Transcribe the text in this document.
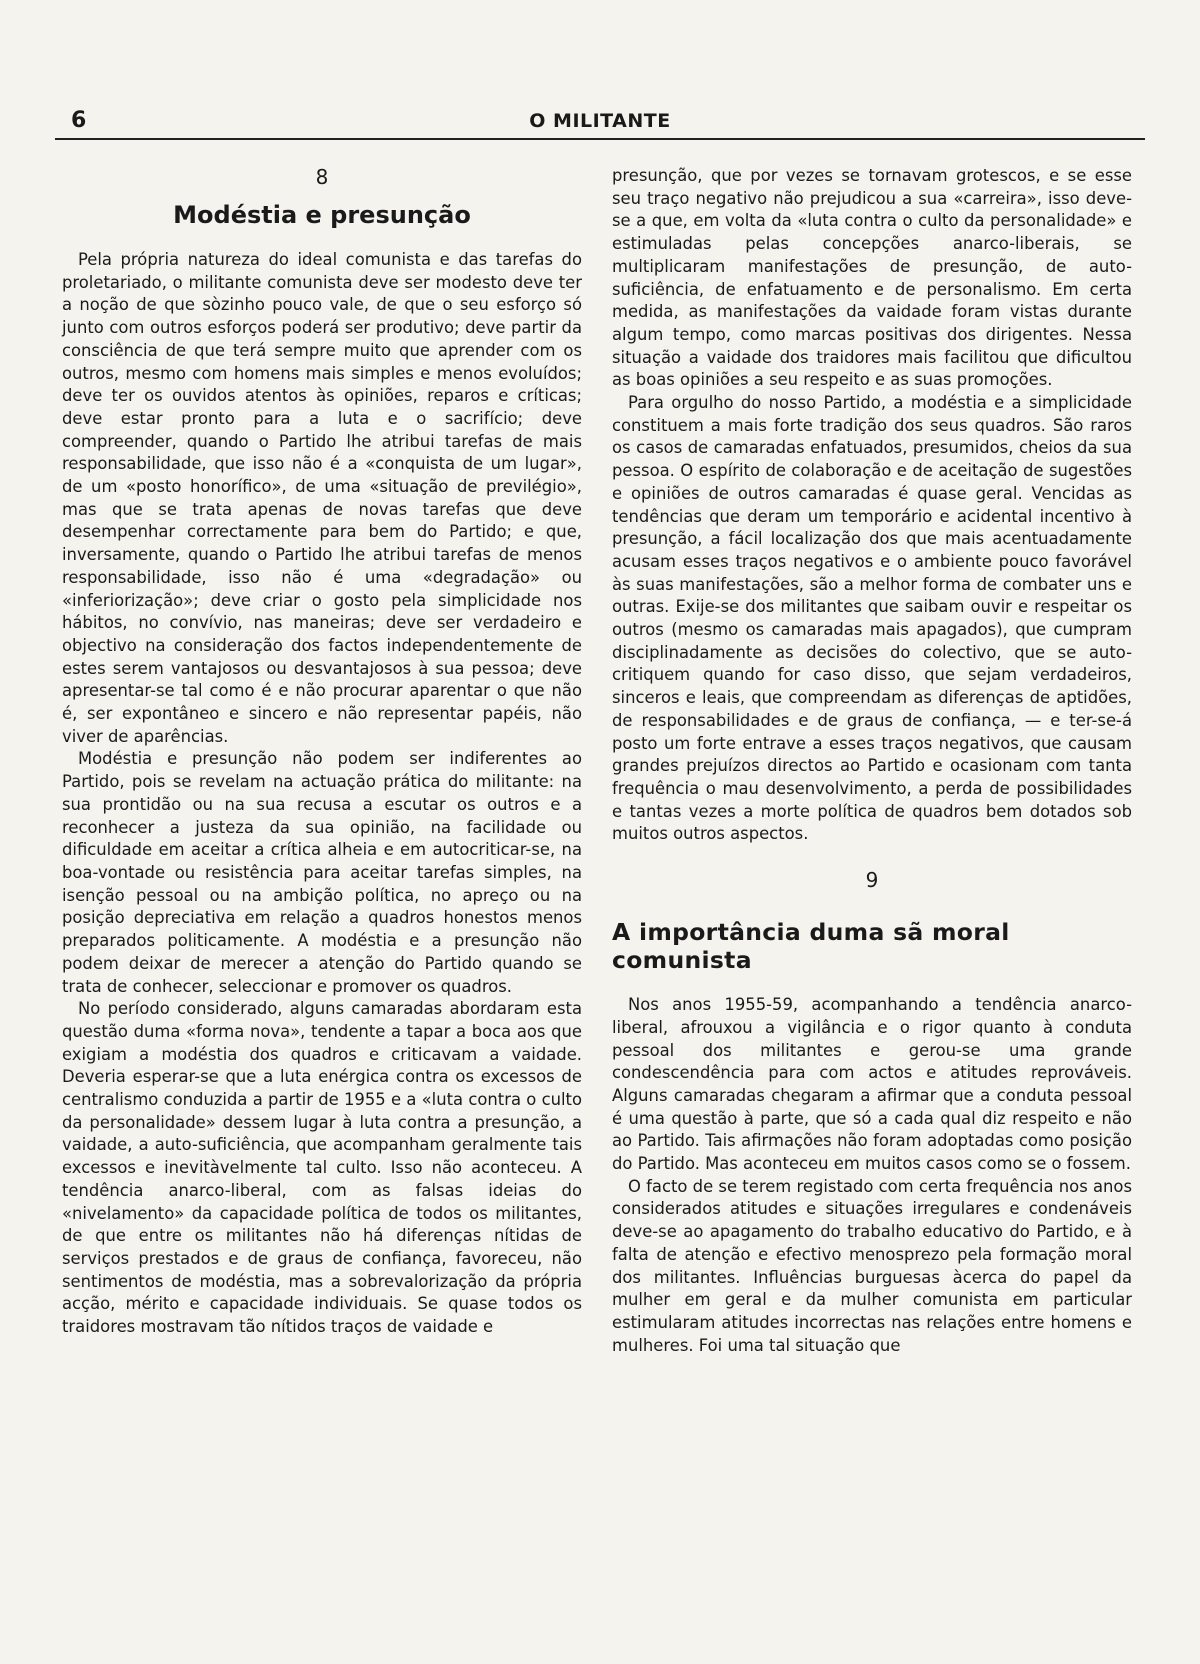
6	O MILITANTE
8
Modéstia e presunção

Pela própria natureza do ideal comunista e das tarefas do proletariado, o militante comunista deve ser modesto deve ter a noção de que sòzinho pouco vale, de que o seu esforço só junto com outros esforços poderá ser produtivo; deve partir da consciência de que terá sempre muito que aprender com os outros, mesmo com homens mais simples e menos evoluídos; deve ter os ouvidos atentos às opiniões, reparos e críticas; deve estar pronto para a luta e o sacrifício; deve compreender, quando o Partido lhe atribui tarefas de mais responsabilidade, que isso não é a «conquista de um lugar», de um «posto honorífico», de uma «situação de previlégio», mas que se trata apenas de novas tarefas que deve desempenhar correctamente para bem do Partido; e que, inversamente, quando o Partido lhe atribui tarefas de menos responsabilidade, isso não é uma «degradação» ou «inferiorização»; deve criar o gosto pela simplicidade nos hábitos, no convívio, nas maneiras; deve ser verdadeiro e objectivo na consideração dos factos independentemente de estes serem vantajosos ou desvantajosos à sua pessoa; deve apresentar-se tal como é e não procurar aparentar o que não é, ser expontâneo e sincero e não representar papéis, não viver de aparências.

Modéstia e presunção não podem ser indiferentes ao Partido, pois se revelam na actuação prática do militante: na sua prontidão ou na sua recusa a escutar os outros e a reconhecer a justeza da sua opinião, na facilidade ou dificuldade em aceitar a crítica alheia e em autocriticar-se, na boa-vontade ou resistência para aceitar tarefas simples, na isenção pessoal ou na ambição política, no apreço ou na posição depreciativa em relação a quadros honestos menos preparados politicamente. A modéstia e a presunção não podem deixar de merecer a atenção do Partido quando se trata de conhecer, seleccionar e promover os quadros.

No período considerado, alguns camaradas abordaram esta questão duma «forma nova», tendente a tapar a boca aos que exigiam a modéstia dos quadros e criticavam a vaidade. Deveria esperar-se que a luta enérgica contra os excessos de centralismo conduzida a partir de 1955 e a «luta contra o culto da personalidade» dessem lugar à luta contra a presunção, a vaidade, a auto-suficiência, que acompanham geralmente tais excessos e inevitàvelmente tal culto. Isso não aconteceu. A tendência anarco-liberal, com as falsas ideias do «nivelamento» da capacidade política de todos os militantes, de que entre os militantes não há diferenças nítidas de serviços prestados e de graus de confiança, favoreceu, não sentimentos de modéstia, mas a sobrevalorização da própria acção, mérito e capacidade individuais. Se quase todos os traidores mostravam tão nítidos traços de vaidade e

presunção, que por vezes se tornavam grotescos, e se esse seu traço negativo não prejudicou a sua «carreira», isso deve-se a que, em volta da «luta contra o culto da personalidade» e estimuladas pelas concepções anarco-liberais, se multiplicaram manifestações de presunção, de auto-suficiência, de enfatuamento e de personalismo. Em certa medida, as manifestações da vaidade foram vistas durante algum tempo, como marcas positivas dos dirigentes. Nessa situação a vaidade dos traidores mais facilitou que dificultou as boas opiniões a seu respeito e as suas promoções.

Para orgulho do nosso Partido, a modéstia e a simplicidade constituem a mais forte tradição dos seus quadros. São raros os casos de camaradas enfatuados, presumidos, cheios da sua pessoa. O espírito de colaboração e de aceitação de sugestões e opiniões de outros camaradas é quase geral. Vencidas as tendências que deram um temporário e acidental incentivo à presunção, a fácil localização dos que mais acentuadamente acusam esses traços negativos e o ambiente pouco favorável às suas manifestações, são a melhor forma de combater uns e outras. Exije-se dos militantes que saibam ouvir e respeitar os outros (mesmo os camaradas mais apagados), que cumpram disciplinadamente as decisões do colectivo, que se auto-critiquem quando for caso disso, que sejam verdadeiros, sinceros e leais, que compreendam as diferenças de aptidões, de responsabilidades e de graus de confiança, — e ter-se-á posto um forte entrave a esses traços negativos, que causam grandes prejuízos directos ao Partido e ocasionam com tanta frequência o mau desenvolvimento, a perda de possibilidades e tantas vezes a morte política de quadros bem dotados sob muitos outros aspectos.

9
A importância duma sã moral comunista

Nos anos 1955-59, acompanhando a tendência anarco-liberal, afrouxou a vigilância e o rigor quanto à conduta pessoal dos militantes e gerou-se uma grande condescendência para com actos e atitudes reprováveis. Alguns camaradas chegaram a afirmar que a conduta pessoal é uma questão à parte, que só a cada qual diz respeito e não ao Partido. Tais afirmações não foram adoptadas como posição do Partido. Mas aconteceu em muitos casos como se o fossem.

O facto de se terem registado com certa frequência nos anos considerados atitudes e situações irregulares e condenáveis deve-se ao apagamento do trabalho educativo do Partido, e à falta de atenção e efectivo menosprezo pela formação moral dos militantes. Influências burguesas àcerca do papel da mulher em geral e da mulher comunista em particular estimularam atitudes incorrectas nas relações entre homens e mulheres. Foi uma tal situação que
